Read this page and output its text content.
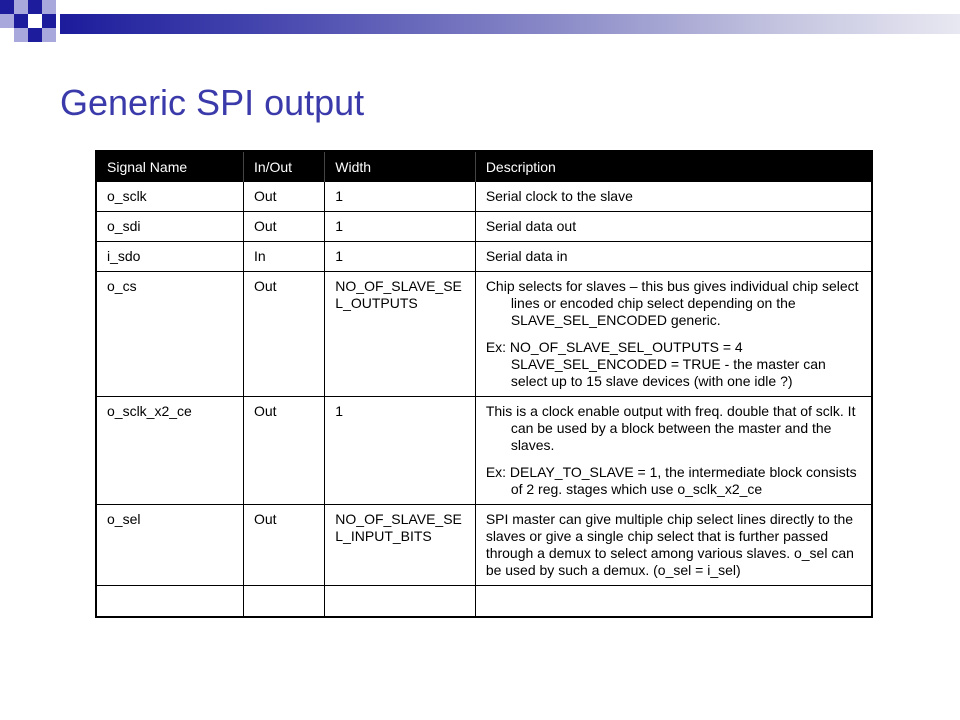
Generic SPI output
Signal Name	In/Out	Width	Description
o_sclk	Out	1	Serial clock to the slave

o_sdi	Out	1	Serial data out

i_sdo	In	1	Serial data in

o_cs	Out	NO_OF_SLAVE_SEL_OUTPUTS	Chip selects for slaves – this bus gives individual chip select lines or encoded chip select depending on the SLAVE_SEL_ENCODED generic.

Ex: NO_OF_SLAVE_SEL_OUTPUTS = 4 SLAVE_SEL_ENCODED = TRUE - the master can select up to 15 slave devices (with one idle ?)

o_sclk_x2_ce	Out	1	This is a clock enable output with freq. double that of sclk. It can be used by a block between the master and the slaves.

Ex: DELAY_TO_SLAVE = 1, the intermediate block consists of 2 reg. stages which use o_sclk_x2_ce

o_sel	Out	NO_OF_SLAVE_SEL_INPUT_BITS	SPI master can give multiple chip select lines directly to the slaves or give a single chip select that is further passed through a demux to select among various slaves. o_sel can be used by such a demux. (o_sel = i_sel)
